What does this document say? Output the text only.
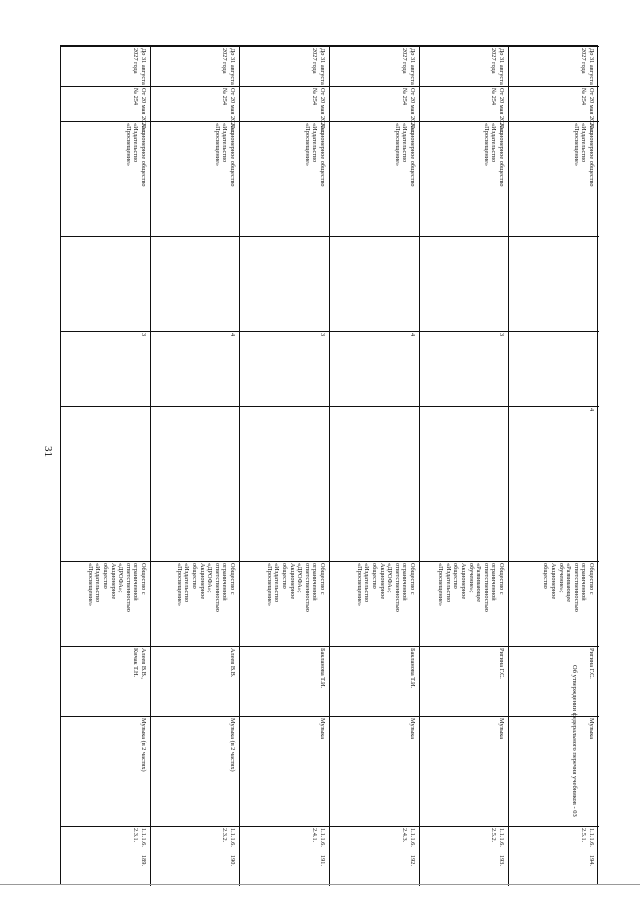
31
189.
1.1.1.6.
2.3.1.
Музыка (в 2 частях)
Алеев В.В.,
Кичак Т.Н.
Общество с
ограниченной
ответственностью
«ДРОФА»;
Акционерное
общество
«Издательство
«Просвещение»
3
Акционерное общество
«Издательство
«Просвещение»
От 20 мая 2020 г.
№ 254
До 31 августа
2027 года
190.
1.1.1.6.
2.3.2.
Музыка (в 2 частях)
Алеев В.В.
Общество с
ограниченной
ответственностью
«ДРОФА»;
Акционерное
общество
«Издательство
«Просвещение»
4
Акционерное общество
«Издательство
«Просвещение»
От 20 мая 2020 г.
№ 254
До 31 августа
2027 года
191.
1.1.1.6.
2.4.1.
Музыка
Бакланова Т.И.
Общество с
ограниченной
ответственностью
«ДРОФА»;
Акционерное
общество
«Издательство
«Просвещение»
3
Акционерное общество
«Издательство
«Просвещение»
От 20 мая 2020 г.
№ 254
До 31 августа
2027 года
192.
1.1.1.6.
2.4.3.
Музыка
Бакланова Т.И.
Общество с
ограниченной
ответственностью
«ДРОФА»;
Акционерное
общество
«Издательство
«Просвещение»
4
Акционерное общество
«Издательство
«Просвещение»
От 20 мая 2020 г.
№ 254
До 31 августа
2027 года
193.
1.1.1.6.
2.5.2.
Музыка
Ригина Г.С.
Общество с
ограниченной
ответственностью
«Развивающее
обучение»;
Акционерное
общество
«Издательство
«Просвещение»
3
Акционерное общество
«Издательство
«Просвещение»
От 20 мая 2020 г.
№ 254
До 31 августа
2027 года
194.
1.1.1.6.
2.5.1.
Музыка
Ригина Г.С.
Общество с
ограниченной
ответственностью
«Развивающее
обучение»;
Акционерное
общество
4
Акционерное общество
«Издательство
«Просвещение»
От 20 мая 2020 г.
№ 254
До 31 августа
2027 года
Об утверждении федерального перечня учебников - 03
